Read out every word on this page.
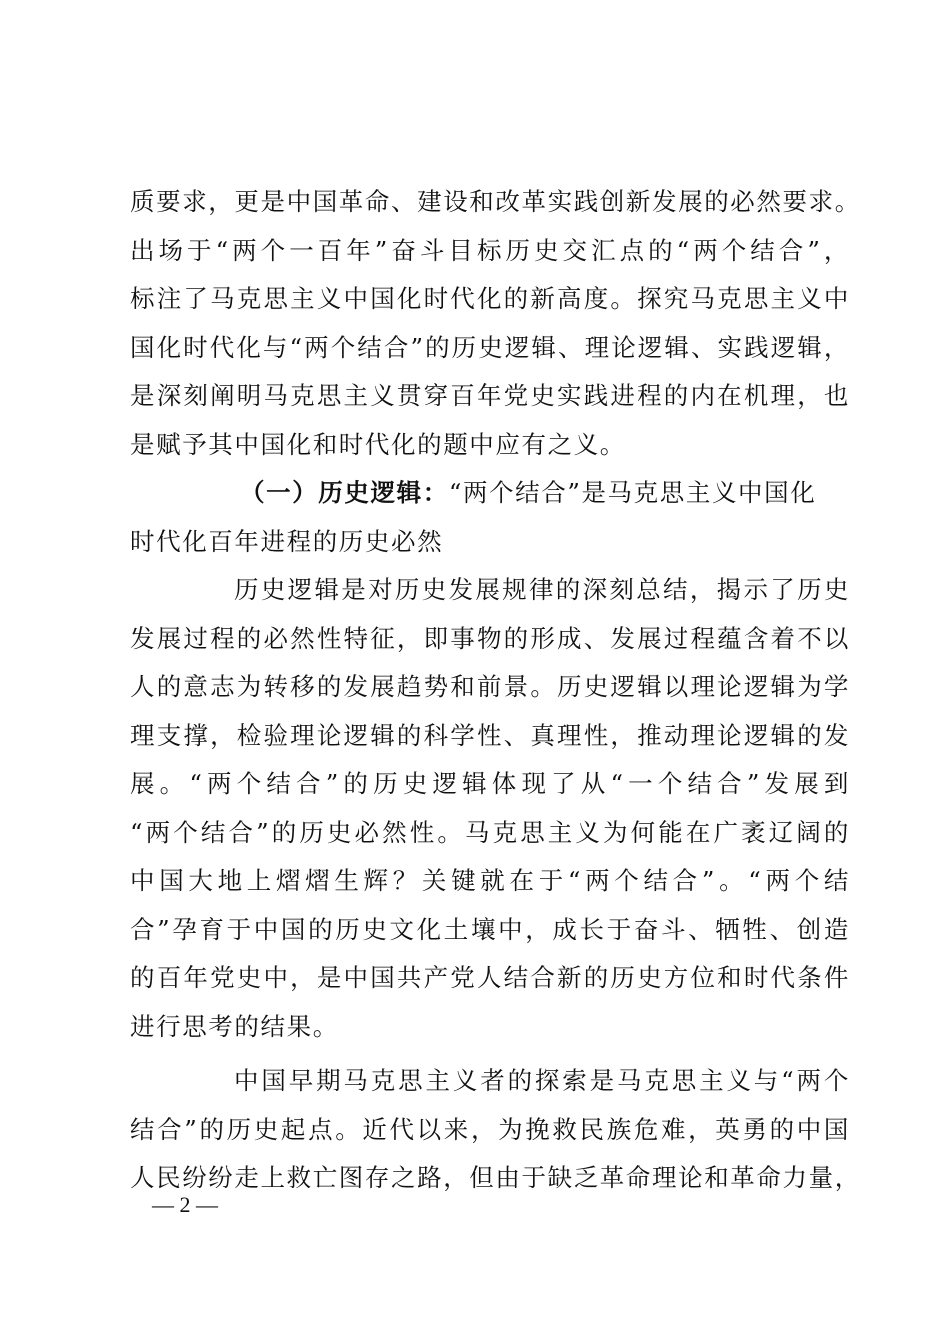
质要求，更是中国革命、建设和改革实践创新发展的必然要求。
出场于“两个一百年”奋斗目标历史交汇点的“两个结合”，
标注了马克思主义中国化时代化的新高度。探究马克思主义中
国化时代化与“两个结合”的历史逻辑、理论逻辑、实践逻辑，
是深刻阐明马克思主义贯穿百年党史实践进程的内在机理，也
是赋予其中国化和时代化的题中应有之义。
（一）历史逻辑：“两个结合”是马克思主义中国化
时代化百年进程的历史必然
历史逻辑是对历史发展规律的深刻总结，揭示了历史
发展过程的必然性特征，即事物的形成、发展过程蕴含着不以
人的意志为转移的发展趋势和前景。历史逻辑以理论逻辑为学
理支撑，检验理论逻辑的科学性、真理性，推动理论逻辑的发
展。“两个结合”的历史逻辑体现了从“一个结合”发展到
“两个结合”的历史必然性。马克思主义为何能在广袤辽阔的
中国大地上熠熠生辉？关键就在于“两个结合”。“两个结
合”孕育于中国的历史文化土壤中，成长于奋斗、牺牲、创造
的百年党史中，是中国共产党人结合新的历史方位和时代条件
进行思考的结果。
中国早期马克思主义者的探索是马克思主义与“两个
结合”的历史起点。近代以来，为挽救民族危难，英勇的中国
人民纷纷走上救亡图存之路，但由于缺乏革命理论和革命力量，
— 2 —
